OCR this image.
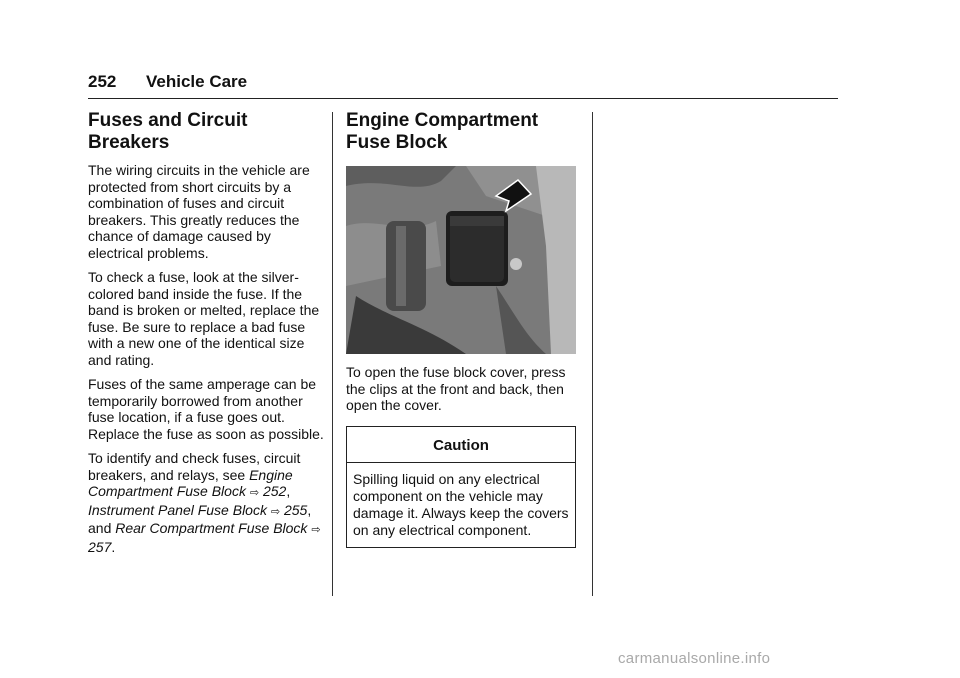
252 Vehicle Care
Fuses and Circuit Breakers

The wiring circuits in the vehicle are protected from short circuits by a combination of fuses and circuit breakers. This greatly reduces the chance of damage caused by electrical problems.

To check a fuse, look at the silver-colored band inside the fuse. If the band is broken or melted, replace the fuse. Be sure to replace a bad fuse with a new one of the identical size and rating.

Fuses of the same amperage can be temporarily borrowed from another fuse location, if a fuse goes out. Replace the fuse as soon as possible.

To identify and check fuses, circuit breakers, and relays, see Engine Compartment Fuse Block ⇨ 252, Instrument Panel Fuse Block ⇨ 255, and Rear Compartment Fuse Block ⇨ 257.

Engine Compartment Fuse Block

To open the fuse block cover, press the clips at the front and back, then open the cover.

Caution
Spilling liquid on any electrical component on the vehicle may damage it. Always keep the covers on any electrical component.
carmanualsonline.info
